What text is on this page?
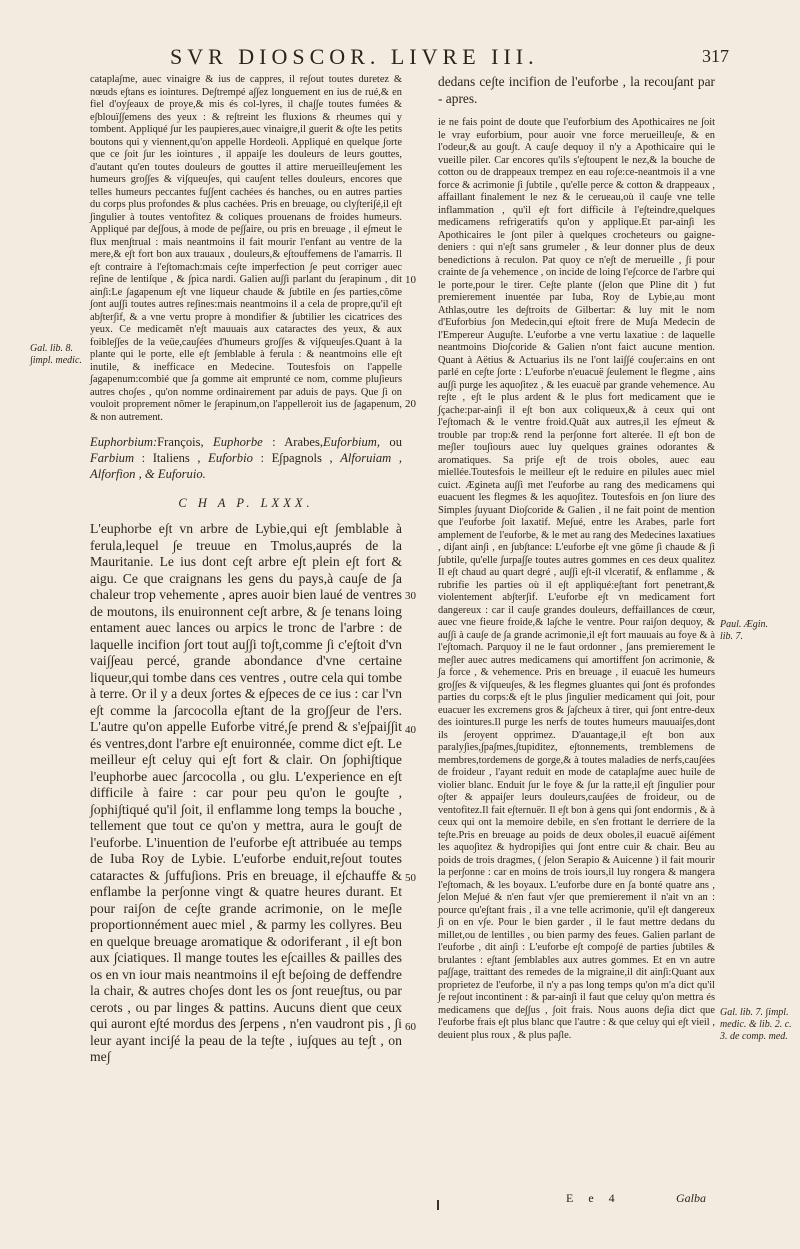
SVR DIOSCOR. LIVRE III.	317

catapla∫me, auec vinaigre & ius de cappres, il re∫out toutes duretez & nœuds e∫tans es iointures. De∫trempé a∫∫ez longuement en ius de rué,& en fiel d'oy∫eaux de proye,& mis és col-lyres, il cha∫∫e toutes fumées & e∫blouï∫∫emens des yeux : & re∫treint les fluxions & rheumes qui y tombent. Appliqué ∫ur les paupieres,auec vinaigre,il guerit & o∫te les petits boutons qui y viennent,qu'on appelle Hordeoli. Appliqué en quelque ∫orte que ce ∫oit ∫ur les iointures , il appai∫e les douleurs de leurs gouttes, d'autant qu'en toutes douleurs de gouttes il attire merueilleu∫ement les humeurs gro∫∫es & vi∫queu∫es, qui cau∫ent telles douleurs, encores que telles humeurs peccantes fu∫∫ent cachées és hanches, ou en autres parties du corps plus profondes & plus cachées. Pris en breuage, ou cly∫teri∫é,il e∫t ∫ingulier à toutes ventofitez & coliques prouenans de froides humeurs. Appliqué par de∫∫ous, à mode de pe∫∫aire, ou pris en breuage , il e∫meut le flux men∫trual : mais neantmoins il fait mourir l'enfant au ventre de la mere,& e∫t fort bon aux trauaux , douleurs,& e∫touffemens de l'amarris. Il e∫t contraire à l'e∫tomach:mais ce∫te imperfection ∫e peut corriger auec re∫ine de lentiſque , & ∫pica nardi. Galien au∫∫i parlant du ∫erapinum , dit ain∫i:Le ∫agapenum e∫t vne liqueur chaude & ∫ubtile en ∫es parties,cõme ∫ont au∫∫i toutes autres re∫ines:mais neantmoins il a cela de propre,qu'il e∫t ab∫ter∫if, & a vne vertu propre à mondifier & ∫ubtilier les cicatrices des yeux. Ce medicamẽt n'e∫t mauuais aux cataractes des yeux, & aux foible∫∫es de la veüe,cau∫ées d'humeurs gro∫∫es & vi∫queu∫es.Quant à la plante qui le porte, elle e∫t ∫emblable à ferula : & neantmoins elle e∫t inutile, & inefficace en Medecine. Toutesfois on l'appelle ∫agapenum:combié que ∫a gomme ait emprunté ce nom, comme plu∫ieurs autres cho∫es , qu'on nomme ordinairement par aduis de pays. Que ∫i on vouloit proprement nõmer le ∫erapinum,on l'appelleroit ius de ∫agapenum, & non autrement.

Euphorbium:François, Euphorbe : Arabes,Euforbium, ou Farbium : Italiens , Euforbio : E∫pagnols , Alforuiam , Alforfion , & Euforuio.

C H A P. LXXX.

L'euphorbe e∫t vn arbre de Lybie,qui e∫t ∫emblable à ferula,lequel ∫e treuue en Tmolus,auprés de la Mauritanie. Le ius dont ce∫t arbre e∫t plein e∫t fort & aigu. Ce que craignans les gens du pays,à cau∫e de ∫a chaleur trop vehemente , apres auoir bien laué de ventres de moutons, ils enuironnent ce∫t arbre, & ∫e tenans loing entament auec lances ou arpics le tronc de l'arbre : de laquelle incifion ∫ort tout au∫∫i to∫t,comme ∫i c'e∫toit d'vn vai∫∫eau percé, grande abondance d'vne certaine liqueur,qui tombe dans ces ventres , outre cela qui tombe à terre. Or il y a deux ∫ortes & e∫peces de ce ius : car l'vn e∫t comme la ∫arcocolla e∫tant de la gro∫∫eur de l'ers. L'autre qu'on appelle Euforbe vitré,∫e prend & s'e∫pai∫∫it és ventres,dont l'arbre e∫t enuironnée, comme dict e∫t. Le meilleur e∫t celuy qui e∫t fort & clair. On ∫ophi∫tique l'euphorbe auec ∫arcocolla , ou glu. L'experience en e∫t difficile à faire : car pour peu qu'on le gou∫te , ∫ophi∫tiqué qu'il ∫oit, il enflamme long temps la bouche , tellement que tout ce qu'on y mettra, aura le gou∫t de l'euforbe. L'inuention de l'euforbe e∫t attribuée au temps de Iuba Roy de Lybie. L'euforbe enduit,re∫out toutes cataractes & ∫uffu∫ions. Pris en breuage, il e∫chauffe & enflambe la per∫onne vingt & quatre heures durant. Et pour rai∫on de ce∫te grande acrimonie, on le me∫le proportionnément auec miel , & parmy les collyres. Beu en quelque breuage aromatique & odoriferant , il e∫t bon aux ∫ciatiques. Il mange toutes les e∫cailles & pailles des os en vn iour mais neantmoins il e∫t be∫oing de deffendre la chair, & autres cho∫es dont les os ∫ont reue∫tus, ou par cerots , ou par linges & pattins. Aucuns dient que ceux qui auront e∫té mordus des ∫erpens , n'en vaudront pis , ∫i leur ayant inci∫é la peau de la te∫te , iu∫ques au te∫t , on me∫

dedans ce∫te incifion de l'euforbe , la recou∫ant par - apres.

ie ne fais point de doute que l'euforbium des Apothicaires ne ∫oit le vray euforbium, pour auoir vne force merueilleu∫e, & en l'odeur,& au gou∫t. A cau∫e dequoy il n'y a Apothicaire qui le vueille piler. Car encores qu'ils s'e∫toupent le nez,& la bouche de cotton ou de drappeaux trempez en eau ro∫e:ce-neantmois il a vne force & acrimonie ∫i ∫ubtile , qu'elle perce & cotton & drappeaux , affaillant finalement le nez & le cerueau,où il cau∫e vne telle inflammation , qu'il e∫t fort difficile à l'e∫teindre,quelques medicamens refrigeratifs qu'on y applique.Et par-ain∫i les Apothicaires le ∫ont piler à quelques crocheteurs ou gaigne-deniers : qui n'e∫t sans grumeler , & leur donner plus de deux benedictions à reculon. Pat quoy ce n'e∫t de merueille , ∫i pour crainte de ∫a vehemence , on incide de loing l'e∫corce de l'arbre qui le porte,pour le tirer. Ce∫te plante (∫elon que Pline dit ) fut premierement inuentée par Iuba, Roy de Lybie,au mont Athlas,outre les de∫troits de Gilbertar: & luy mit le nom d'Euforbius ∫on Medecin,qui e∫toit frere de Mu∫a Medecin de l'Empereur Augu∫te. L'euforbe a vne vertu laxatiue : de laquelle neantmoins Dio∫coride & Galien n'ont faict aucune mention. Quant à Aëtius & Actuarius ils ne l'ont lai∫∫é cou∫er:ains en ont parlé en ce∫te ∫orte : L'euforbe n'euacuë ∫eulement le flegme , ains au∫∫i purge les aquo∫itez , & les euacuë par grande vehemence. Au re∫te , e∫t le plus ardent & le plus fort medicament que ie ∫çache:par-ain∫i il e∫t bon aux coliqueux,& à ceux qui ont l'e∫tomach & le ventre froid.Quãt aux autres,il les e∫meut & trouble par trop:& rend la per∫onne fort alterée. Il e∫t bon de me∫ler tou∫iours auec luy quelques graines odorantes & aromatiques. Sa pri∫e e∫t de trois oboles, auec eau miellée.Toutesfois le meilleur e∫t le reduire en pilules auec miel cuict. Ægineta au∫∫i met l'euforbe au rang des medicamens qui euacuent les flegmes & les aquo∫itez. Toutesfois en ∫on liure des Simples ∫uyuant Dio∫coride & Galien , il ne fait point de mention que l'euforbe ∫oit laxatif. Me∫ué, entre les Arabes, parle fort amplement de l'euforbe, & le met au rang des Medecines laxatiues , di∫ant ain∫i , en ∫ub∫tance: L'euforbe e∫t vne gõme ∫i chaude & ∫i ∫ubtile, qu'elle ∫urpa∫∫e toutes autres gommes en ces deux qualitez Il e∫t chaud au quart degré , au∫∫i e∫t-il vlceratif, & enflamme , & rubrifie les parties où il e∫t appliqué:e∫tant fort penetrant,& violentement ab∫ter∫if. L'euforbe e∫t vn medicament fort dangereux : car il cau∫e grandes douleurs, deffaillances de cœur, auec vne fieure froide,& la∫che le ventre. Pour rai∫on dequoy, & au∫∫i à cau∫e de ∫a grande acrimonie,il e∫t fort mauuais au foye & à l'e∫tomach. Parquoy il ne le faut ordonner , ∫ans premierement le me∫ler auec autres medicamens qui amortiffent ∫on acrimonie, & ∫a force , & vehemence. Pris en breuage , il euacuë les humeurs gro∫∫es & vi∫queu∫es, & les flegmes gluantes qui ∫ont és profondes parties du corps:& e∫t le plus ∫ingulier medicament qui ∫oit, pour euacuer les excremens gros & ∫a∫cheux à tirer, qui ∫ont entre-deux des iointures.Il purge les nerfs de toutes humeurs mauuai∫es,dont ils ∫eroyent opprimez. D'auantage,il e∫t bon aux paraly∫ies,∫pa∫mes,∫tupiditez, e∫tonnements, tremblemens de membres,tordemens de gorge,& à toutes maladies de nerfs,cau∫ées de froideur , l'ayant reduit en mode de catapla∫me auec huile de violier blanc. Enduit ∫ur le foye & ∫ur la ratte,il e∫t ∫ingulier pour o∫ter & appai∫er leurs douleurs,cau∫ées de froideur, ou de ventofitez.Il fait e∫ternuër. Il e∫t bon à gens qui ∫ont endormis , & à ceux qui ont la memoire debile, en s'en frottant le derriere de la te∫te.Pris en breuage au poids de deux oboles,il euacuë ai∫ément les aquo∫itez & hydropi∫ies qui ∫ont entre cuir & chair. Beu au poids de trois dragmes, ( ∫elon Serapio & Auicenne ) il fait mourir la per∫onne : car en moins de trois iours,il luy rongera & mangera l'e∫tomach, & les boyaux. L'euforbe dure en ∫a bonté quatre ans , ∫elon Me∫ué & n'en faut v∫er que premierement il n'ait vn an : pource qu'e∫tant frais , il a vne telle acrimonie, qu'il e∫t dangereux ∫i on en v∫e. Pour le bien garder , il le faut mettre dedans du millet,ou de lentilles , ou bien parmy des feues. Galien parlant de l'euforbe , dit ain∫i : L'euforbe e∫t compo∫é de parties ∫ubtiles & brulantes : e∫tant ∫emblables aux autres gommes. Et en vn autre pa∫∫age, traittant des remedes de la migraine,il dit ain∫i:Quant aux proprietez de l'euforbe, il n'y a pas long temps qu'on m'a dict qu'il ∫e re∫out incontinent : & par-ain∫i il faut que celuy qu'on mettra és medicamens que de∫∫us , ∫oit frais. Nous auons de∫ia dict que l'euforbe frais e∫t plus blanc que l'autre : & que celuy qui e∫t vieil , deuient plus roux , & plus pa∫le.

10
20
30
40
50
60
Gal. lib. 8. ∫impl. medic.
Paul. Ægin. lib. 7.
Gal. lib. 7. ∫impl. medic. & lib. 2. c. 3. de comp. med.
E e 4	Galba
